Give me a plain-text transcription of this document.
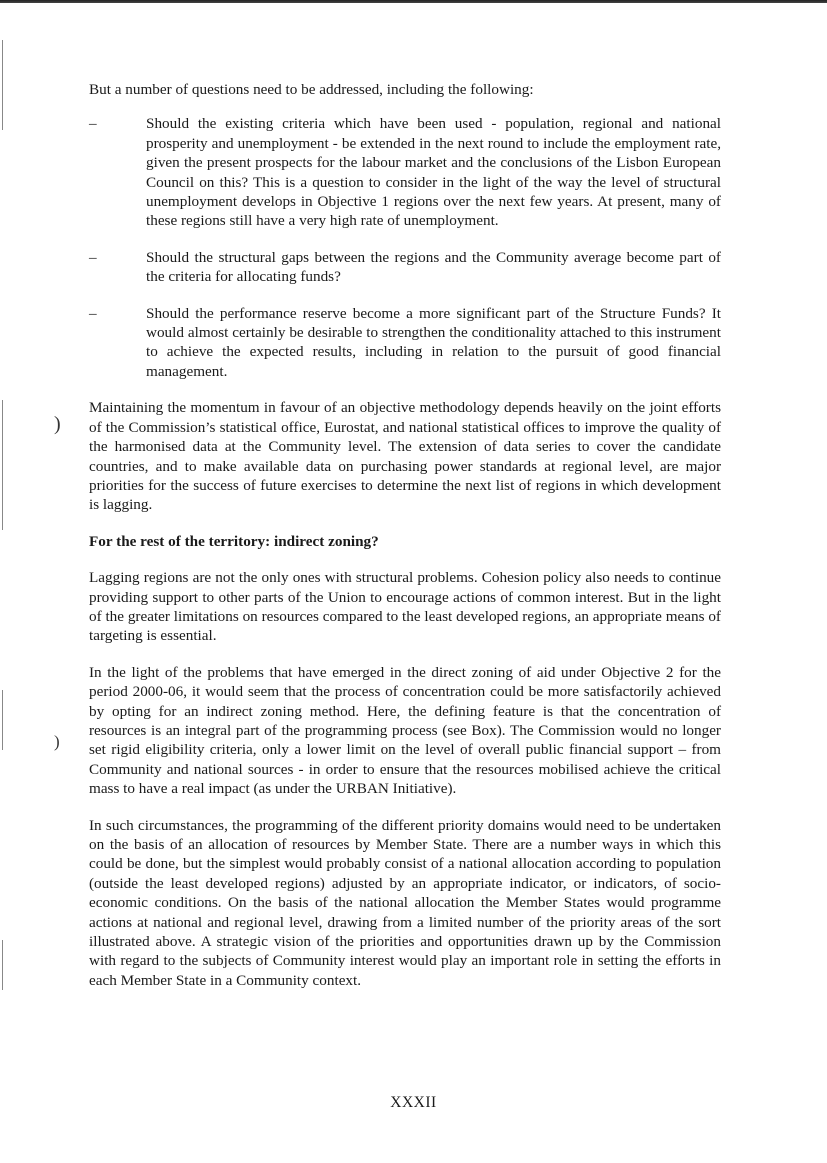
)
)

But a number of questions need to be addressed, including the following:

–	Should the existing criteria which have been used - population, regional and national prosperity and unemployment - be extended in the next round to include the employment rate, given the present prospects for the labour market and the conclusions of the Lisbon European Council on this? This is a question to consider in the light of the way the level of structural unemployment develops in Objective 1 regions over the next few years. At present, many of these regions still have a very high rate of unemployment.

–	Should the structural gaps between the regions and the Community average become part of the criteria for allocating funds?

–	Should the performance reserve become a more significant part of the Structure Funds? It would almost certainly be desirable to strengthen the conditionality attached to this instrument to achieve the expected results, including in relation to the pursuit of good financial management.

Maintaining the momentum in favour of an objective methodology depends heavily on the joint efforts of the Commission’s statistical office, Eurostat, and national statistical offices to improve the quality of the harmonised data at the Community level. The extension of data series to cover the candidate countries, and to make available data on purchasing power standards at regional level, are major priorities for the success of future exercises to determine the next list of regions in which development is lagging.

For the rest of the territory: indirect zoning?

Lagging regions are not the only ones with structural problems. Cohesion policy also needs to continue providing support to other parts of the Union to encourage actions of common interest. But in the light of the greater limitations on resources compared to the least developed regions, an appropriate means of targeting is essential.

In the light of the problems that have emerged in the direct zoning of aid under Objective 2 for the period 2000-06, it would seem that the process of concentration could be more satisfactorily achieved by opting for an indirect zoning method. Here, the defining feature is that the concentration of resources is an integral part of the programming process (see Box). The Commission would no longer set rigid eligibility criteria, only a lower limit on the level of overall public financial support – from Community and national sources - in order to ensure that the resources mobilised achieve the critical mass to have a real impact (as under the URBAN Initiative).

In such circumstances, the programming of the different priority domains would need to be undertaken on the basis of an allocation of resources by Member State. There are a number ways in which this could be done, but the simplest would probably consist of a national allocation according to population (outside the least developed regions) adjusted by an appropriate indicator, or indicators, of socio-economic conditions. On the basis of the national allocation the Member States would programme actions at national and regional level, drawing from a limited number of the priority areas of the sort illustrated above. A strategic vision of the priorities and opportunities drawn up by the Commission with regard to the subjects of Community interest would play an important role in setting the efforts in each Member State in a Community context.

XXXII
